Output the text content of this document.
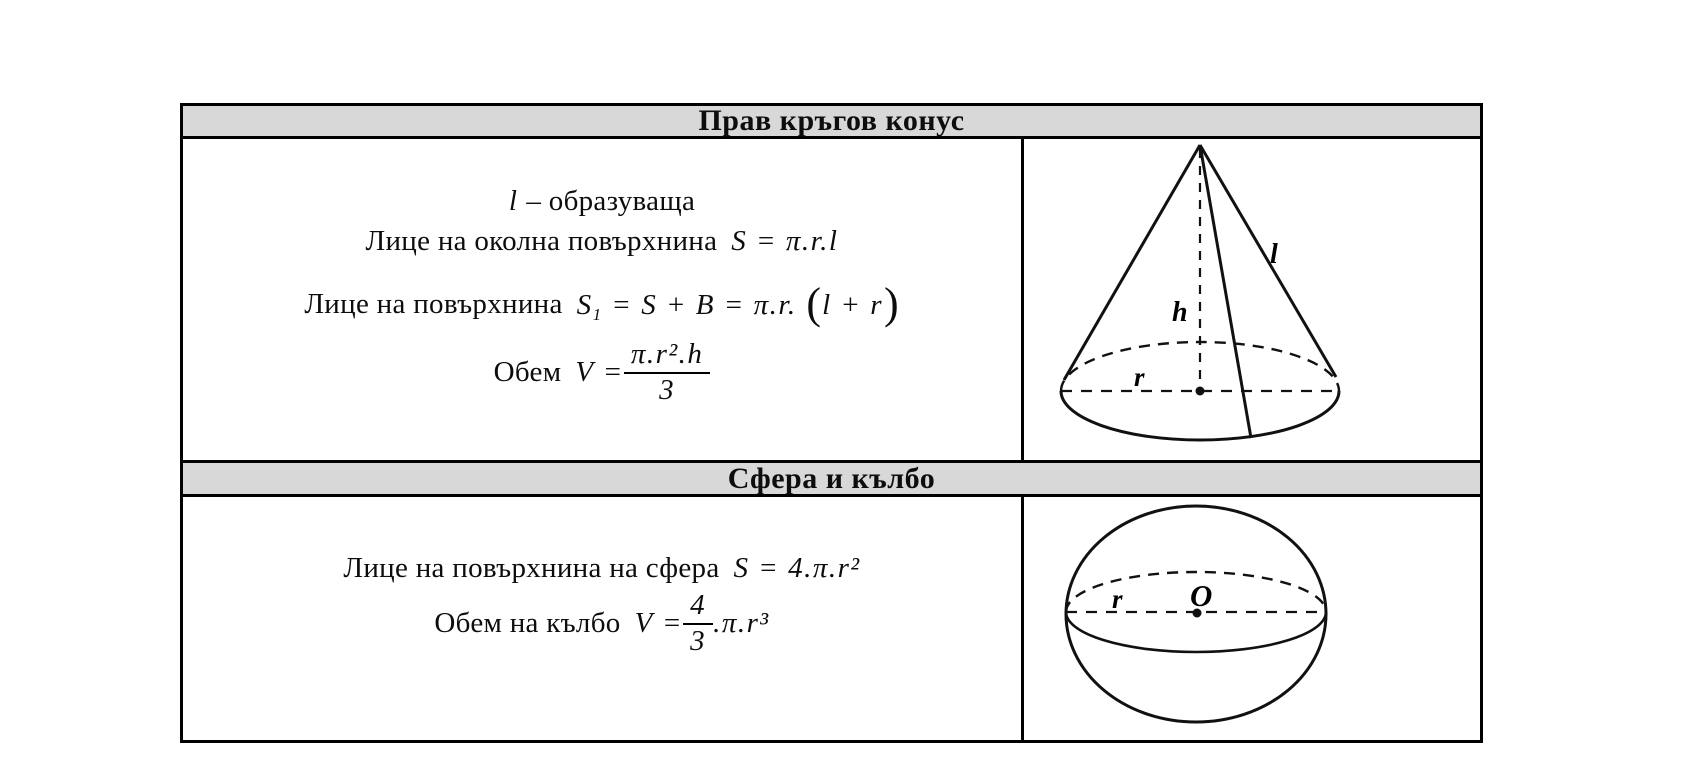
Прав кръгов конус
l – образуваща
Лице на околна повърхнина S = π.r.l
Лице на повърхнина $S_1 = S + B = \pi.r$. (l + r)
Обем $V = \frac{\text{π.r².h}}{3}$
l
h
r
Сфера и кълбо
Лице на повърхнина на сфера S = 4.π.r²
Обем на кълбо $V = \frac{4}{3} .\pi.r^3$
r O
